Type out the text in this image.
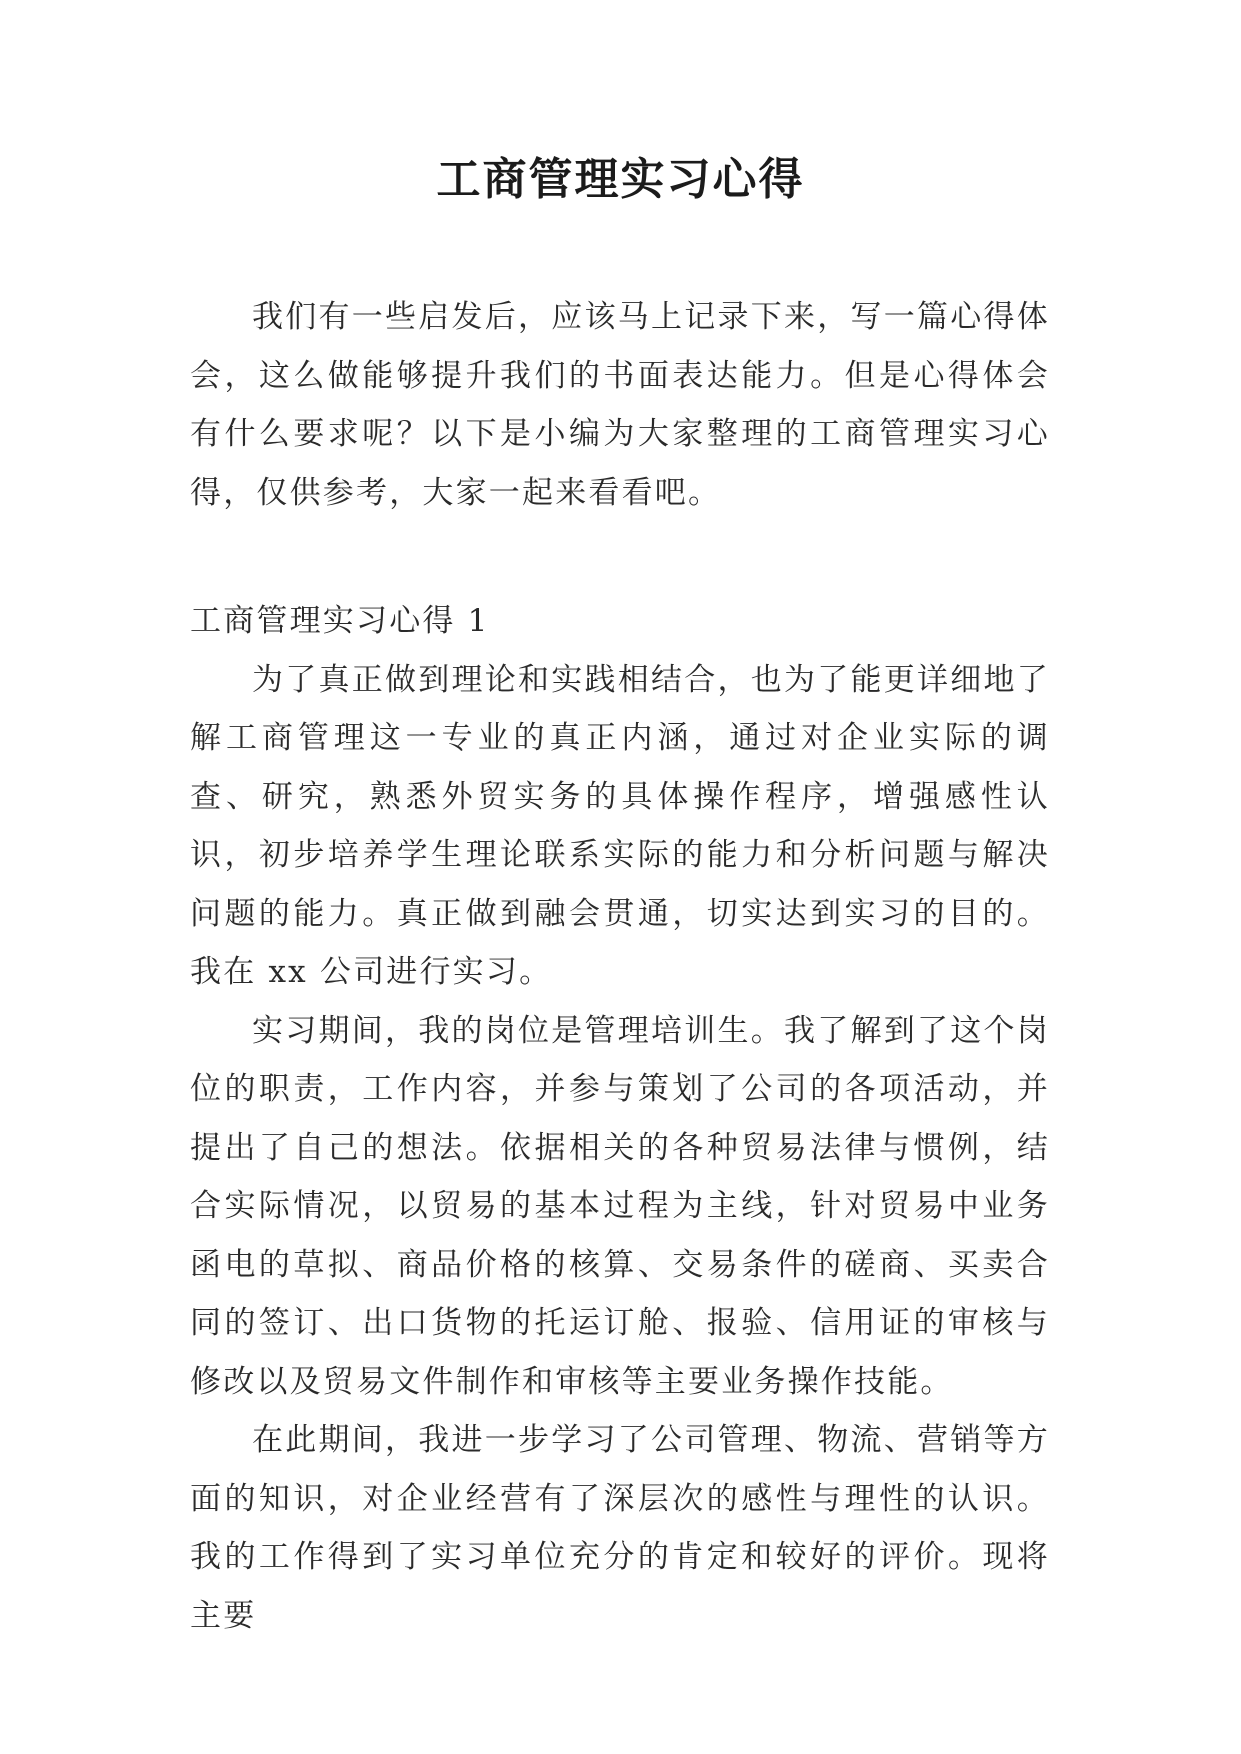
工商管理实习心得

我们有一些启发后，应该马上记录下来，写一篇心得体会，这么做能够提升我们的书面表达能力。但是心得体会有什么要求呢？以下是小编为大家整理的工商管理实习心得，仅供参考，大家一起来看看吧。

工商管理实习心得 1

为了真正做到理论和实践相结合，也为了能更详细地了解工商管理这一专业的真正内涵，通过对企业实际的调查、研究，熟悉外贸实务的具体操作程序，增强感性认识，初步培养学生理论联系实际的能力和分析问题与解决问题的能力。真正做到融会贯通，切实达到实习的目的。我在 xx 公司进行实习。

实习期间，我的岗位是管理培训生。我了解到了这个岗位的职责，工作内容，并参与策划了公司的各项活动，并提出了自己的想法。依据相关的各种贸易法律与惯例，结合实际情况，以贸易的基本过程为主线，针对贸易中业务函电的草拟、商品价格的核算、交易条件的磋商、买卖合同的签订、出口货物的托运订舱、报验、信用证的审核与修改以及贸易文件制作和审核等主要业务操作技能。

在此期间，我进一步学习了公司管理、物流、营销等方面的知识，对企业经营有了深层次的感性与理性的认识。我的工作得到了实习单位充分的肯定和较好的评价。现将主要
